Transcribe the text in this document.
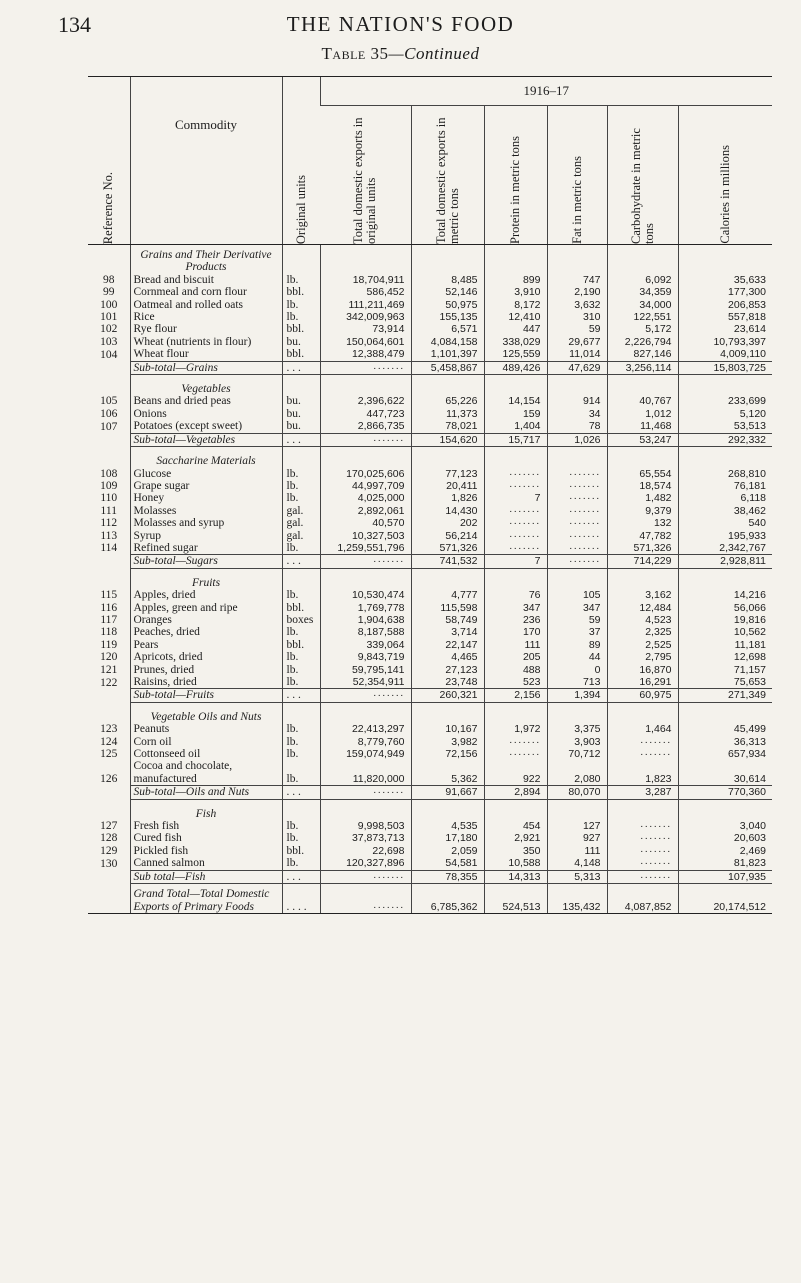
134	THE NATION'S FOOD
Table 35—Continued
Reference No.	Commodity	Original units	1916–17					

			Total domestic exports in original units	Total domestic exports in metric tons	Protein in metric tons	Fat in metric tons	Carbohydrate in metric tons	Calories in millions

	Grains and Their Derivative Products							
98	Bread and biscuit	lb.	18,704,911	8,485	899	747	6,092	35,633
99	Cornmeal and corn flour	bbl.	586,452	52,146	3,910	2,190	34,359	177,300
100	Oatmeal and rolled oats	lb.	111,211,469	50,975	8,172	3,632	34,000	206,853
101	Rice	lb.	342,009,963	155,135	12,410	310	122,551	557,818
102	Rye flour	bbl.	73,914	6,571	447	59	5,172	23,614
103	Wheat (nutrients in flour)	bu.	150,064,601	4,084,158	338,029	29,677	2,226,794	10,793,397
104	Wheat flour	bbl.	12,388,479	1,101,397	125,559	11,014	827,146	4,009,110
	Sub-total—Grains	. . .	·······	5,458,867	489,426	47,629	3,256,114	15,803,725

	Vegetables							
105	Beans and dried peas	bu.	2,396,622	65,226	14,154	914	40,767	233,699
106	Onions	bu.	447,723	11,373	159	34	1,012	5,120
107	Potatoes (except sweet)	bu.	2,866,735	78,021	1,404	78	11,468	53,513
	Sub-total—Vegetables	. . .	·······	154,620	15,717	1,026	53,247	292,332

	Saccharine Materials							
108	Glucose	lb.	170,025,606	77,123	·······	·······	65,554	268,810
109	Grape sugar	lb.	44,997,709	20,411	·······	·······	18,574	76,181
110	Honey	lb.	4,025,000	1,826	7	·······	1,482	6,118
111	Molasses	gal.	2,892,061	14,430	·······	·······	9,379	38,462
112	Molasses and syrup	gal.	40,570	202	·······	·······	132	540
113	Syrup	gal.	10,327,503	56,214	·······	·······	47,782	195,933
114	Refined sugar	lb.	1,259,551,796	571,326	·······	·······	571,326	2,342,767
	Sub-total—Sugars	. . .	·······	741,532	7	·······	714,229	2,928,811

	Fruits							
115	Apples, dried	lb.	10,530,474	4,777	76	105	3,162	14,216
116	Apples, green and ripe	bbl.	1,769,778	115,598	347	347	12,484	56,066
117	Oranges	boxes	1,904,638	58,749	236	59	4,523	19,816
118	Peaches, dried	lb.	8,187,588	3,714	170	37	2,325	10,562
119	Pears	bbl.	339,064	22,147	111	89	2,525	11,181
120	Apricots, dried	lb.	9,843,719	4,465	205	44	2,795	12,698
121	Prunes, dried	lb.	59,795,141	27,123	488	0	16,870	71,157
122	Raisins, dried	lb.	52,354,911	23,748	523	713	16,291	75,653
	Sub-total—Fruits	. . .	·······	260,321	2,156	1,394	60,975	271,349

	Vegetable Oils and Nuts							
123	Peanuts	lb.	22,413,297	10,167	1,972	3,375	1,464	45,499
124	Corn oil	lb.	8,779,760	3,982	·······	3,903	·······	36,313
125	Cottonseed oil	lb.	159,074,949	72,156	·······	70,712	·······	657,934
126	Cocoa and chocolate, manufactured	lb.	11,820,000	5,362	922	2,080	1,823	30,614
	Sub-total—Oils and Nuts	. . .	·······	91,667	2,894	80,070	3,287	770,360

	Fish							
127	Fresh fish	lb.	9,998,503	4,535	454	127	·······	3,040
128	Cured fish	lb.	37,873,713	17,180	2,921	927	·······	20,603
129	Pickled fish	bbl.	22,698	2,059	350	111	·······	2,469
130	Canned salmon	lb.	120,327,896	54,581	10,588	4,148	·······	81,823
	Sub total—Fish	. . .	·······	78,355	14,313	5,313	·······	107,935

	Grand Total—Total Domestic Exports of Primary Foods	. . . .	·······	6,785,362	524,513	135,432	4,087,852	20,174,512
